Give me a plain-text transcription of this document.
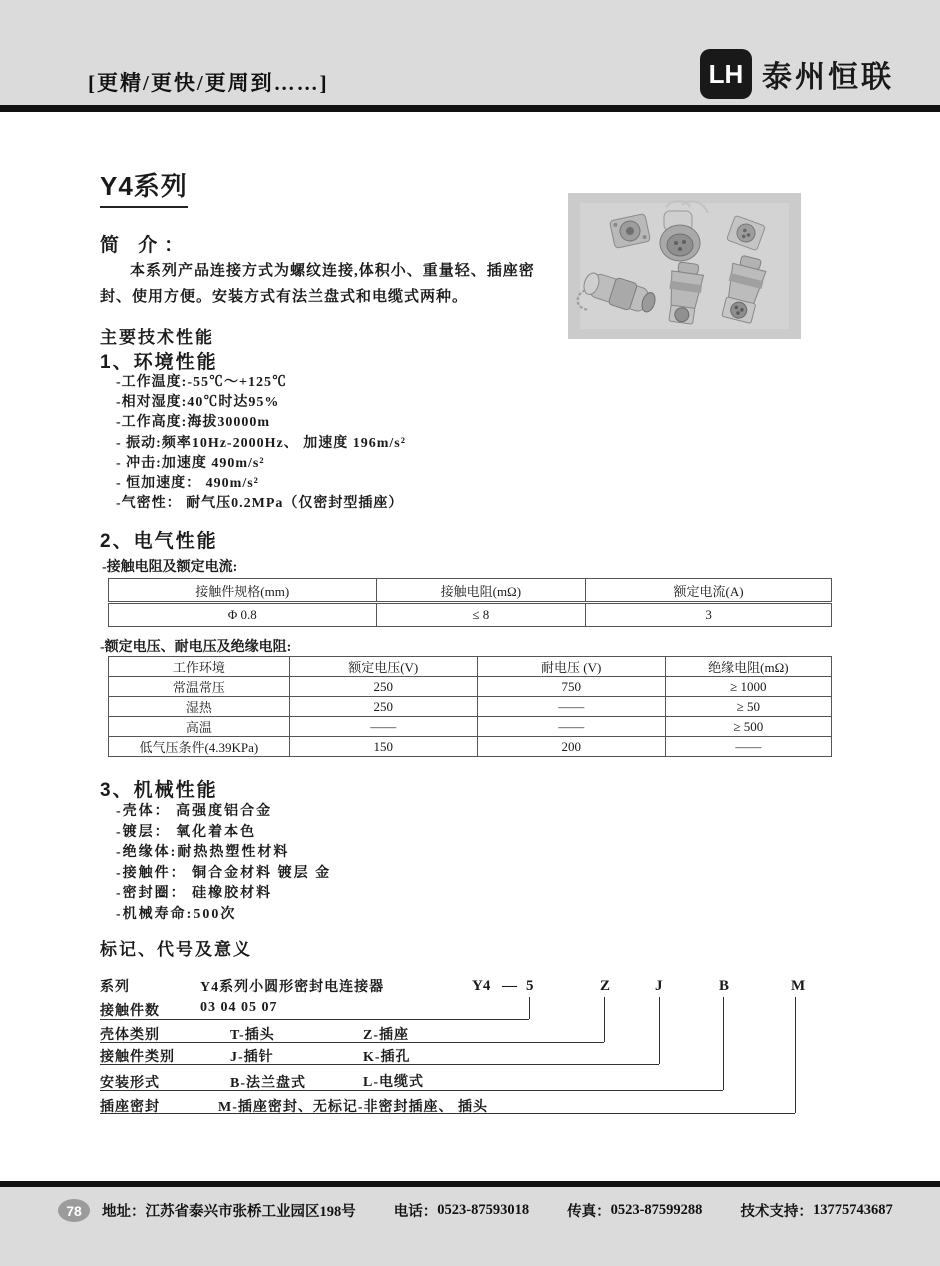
[更精/更快/更周到……]	LH 泰州恒联
Y4系列
简 介：
本系列产品连接方式为螺纹连接,体积小、重量轻、插座密封、使用方便。安装方式有法兰盘式和电缆式两种。
主要技术性能
1、环境性能
-工作温度:-55℃～+125℃
-相对湿度:40℃时达95%
-工作高度:海拔30000m
- 振动:频率10Hz-2000Hz、 加速度 196m/s²
- 冲击:加速度 490m/s²
- 恒加速度： 490m/s²
-气密性： 耐气压0.2MPa（仅密封型插座）
2、电气性能
-接触电阻及额定电流:
接触件规格(mm)	接触电阻(mΩ)	额定电流(A)
Φ 0.8	≤ 8	3
-额定电压、耐电压及绝缘电阻:
工作环境	额定电压(V)	耐电压 (V)	绝缘电阻(mΩ)
常温常压	250	750	≥ 1000
湿热	250	——	≥ 50
高温	——	——	≥ 500
低气压条件(4.39KPa)	150	200	——
3、机械性能
-壳体： 高强度铝合金
-镀层： 氧化着本色
-绝缘体:耐热热塑性材料
-接触件： 铜合金材料 镀层 金
-密封圈： 硅橡胶材料
-机械寿命:500次
标记、代号及意义
Y4 — 5	Z	J	B	M
系列	Y4系列小圆形密封电连接器
接触件数	03 04 05 07
壳体类别	T-插头	Z-插座
接触件类别	J-插针	K-插孔
安装形式	B-法兰盘式	L-电缆式
插座密封	M-插座密封、无标记-非密封插座、 插头
78	地址： 江苏省泰兴市张桥工业园区198号	电话： 0523-87593018	传真： 0523-87599288	技术支持： 13775743687
